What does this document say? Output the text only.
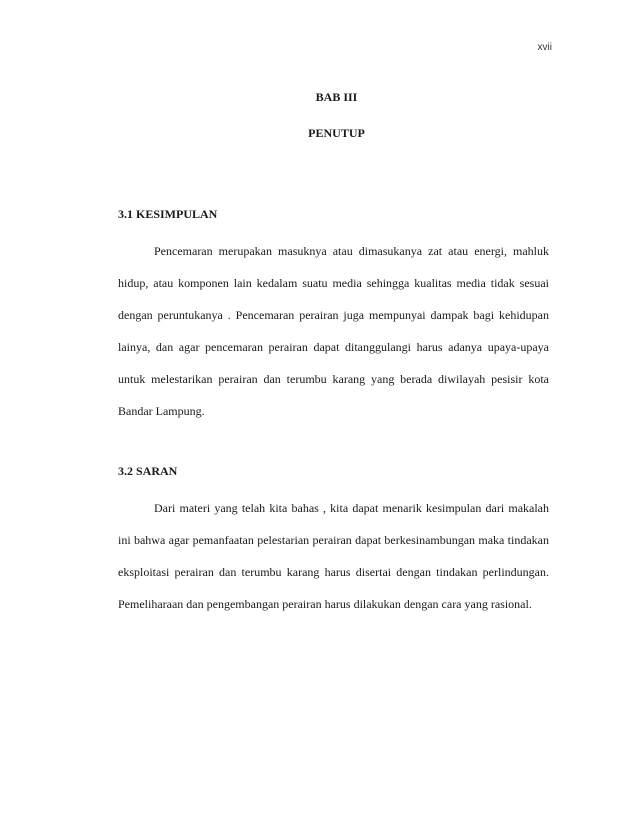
xvii
BAB III
PENUTUP
3.1 KESIMPULAN

Pencemaran merupakan masuknya atau dimasukanya zat atau energi, mahluk hidup, atau komponen lain kedalam suatu media sehingga kualitas media tidak sesuai dengan peruntukanya . Pencemaran perairan juga mempunyai dampak bagi kehidupan lainya, dan agar pencemaran perairan dapat ditanggulangi harus adanya upaya-upaya untuk melestarikan perairan dan terumbu karang yang berada diwilayah pesisir kota Bandar Lampung.

3.2 SARAN

Dari materi yang telah kita bahas , kita dapat menarik kesimpulan dari makalah ini bahwa agar pemanfaatan pelestarian perairan dapat berkesinambungan maka tindakan eksploitasi perairan dan terumbu karang harus disertai dengan tindakan perlindungan. Pemeliharaan dan pengembangan perairan harus dilakukan dengan cara yang rasional.
